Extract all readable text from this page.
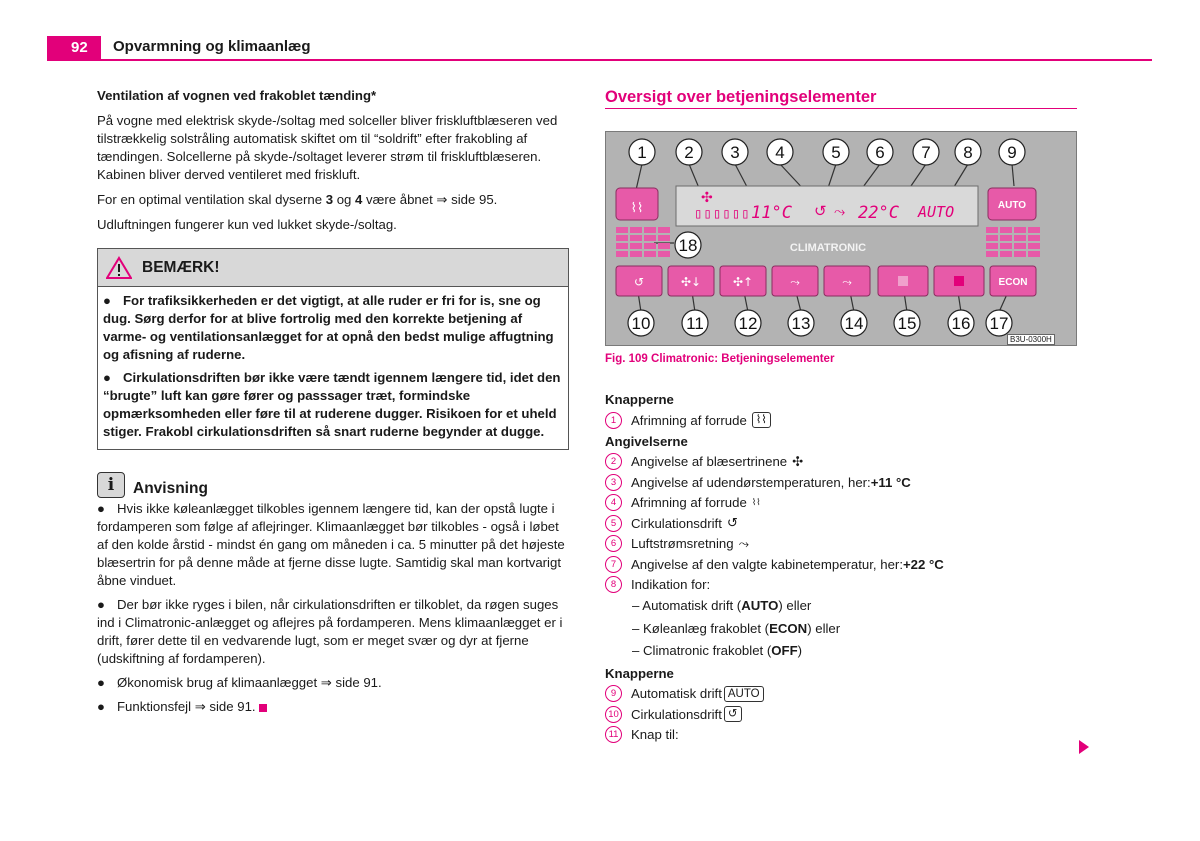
92	Opvarmning og klimaanlæg

Ventilation af vognen ved frakoblet tænding*

På vogne med elektrisk skyde-/soltag med solceller bliver friskluftblæseren ved tilstrækkelig solstråling automatisk skiftet om til “soldrift” efter frakobling af tændingen. Solcellerne på skyde-/soltaget leverer strøm til friskluftblæseren. Kabinen bliver derved ventileret med friskluft.

For en optimal ventilation skal dyserne 3 og 4 være åbnet ⇒ side 95.

Udluftningen fungerer kun ved lukket skyde-/soltag.

BEMÆRK!

● For trafiksikkerheden er det vigtigt, at alle ruder er fri for is, sne og dug. Sørg derfor for at blive fortrolig med den korrekte betjening af varme- og ventilationsanlægget for at opnå den bedst mulige affugtning og afisning af ruderne.

● Cirkulationsdriften bør ikke være tændt igennem længere tid, idet den “brugte” luft kan gøre fører og passsager træt, formindske opmærksomheden eller føre til at ruderene dugger. Risikoen for et uheld stiger. Frakobl cirkulationsdriften så snart ruderne begynder at dugge.

i	Anvisning

● Hvis ikke køleanlægget tilkobles igennem længere tid, kan der opstå lugte i fordamperen som følge af aflejringer. Klimaanlægget bør tilkobles - også i løbet af den kolde årstid - mindst én gang om måneden i ca. 5 minutter på det højeste blæsertrin for på denne måde at fjerne disse lugte. Samtidig skal man kortvarigt åbne vinduet.

● Der bør ikke ryges i bilen, når cirkulationsdriften er tilkoblet, da røgen suges ind i Climatronic-anlægget og aflejres på fordamperen. Mens klimaanlægget er i drift, fører dette til en vedvarende lugt, som er meget svær og dyr at fjerne (udskiftning af fordamperen).

● Økonomisk brug af klimaanlægget ⇒ side 91.

● Funktionsfejl ⇒ side 91.

Oversigt over betjeningselementer
⌇⌇
✣
▯▯▯▯▯▯ 11°C ↺ ⤳ 22°C AUTO	AUTO
CLIMATRONIC
↺	✣↓	✣↑	⤳	⤳	ECON
1 2 3 4	5 6 7 8 9
18
10 11 12 13 14 15 16 17
B3U-0300H
Fig. 109 Climatronic: Betjeningselementer
Knapperne
1	Afrimning af forrude ⌇⌇
Angivelserne
2	Angivelse af blæsertrinene ✣
3	Angivelse af udendørstemperaturen, her: +11 °C
4	Afrimning af forrude ⌇⌇
5	Cirkulationsdrift ↺
6	Luftstrømsretning ⤳
7	Angivelse af den valgte kabinetemperatur, her: +22 °C
8	Indikation for:
– Automatisk drift (AUTO) eller
– Køleanlæg frakoblet (ECON) eller
– Climatronic frakoblet (OFF)
Knapperne
9	Automatisk drift AUTO
10 Cirkulationsdrift ↺
11 Knap til:
